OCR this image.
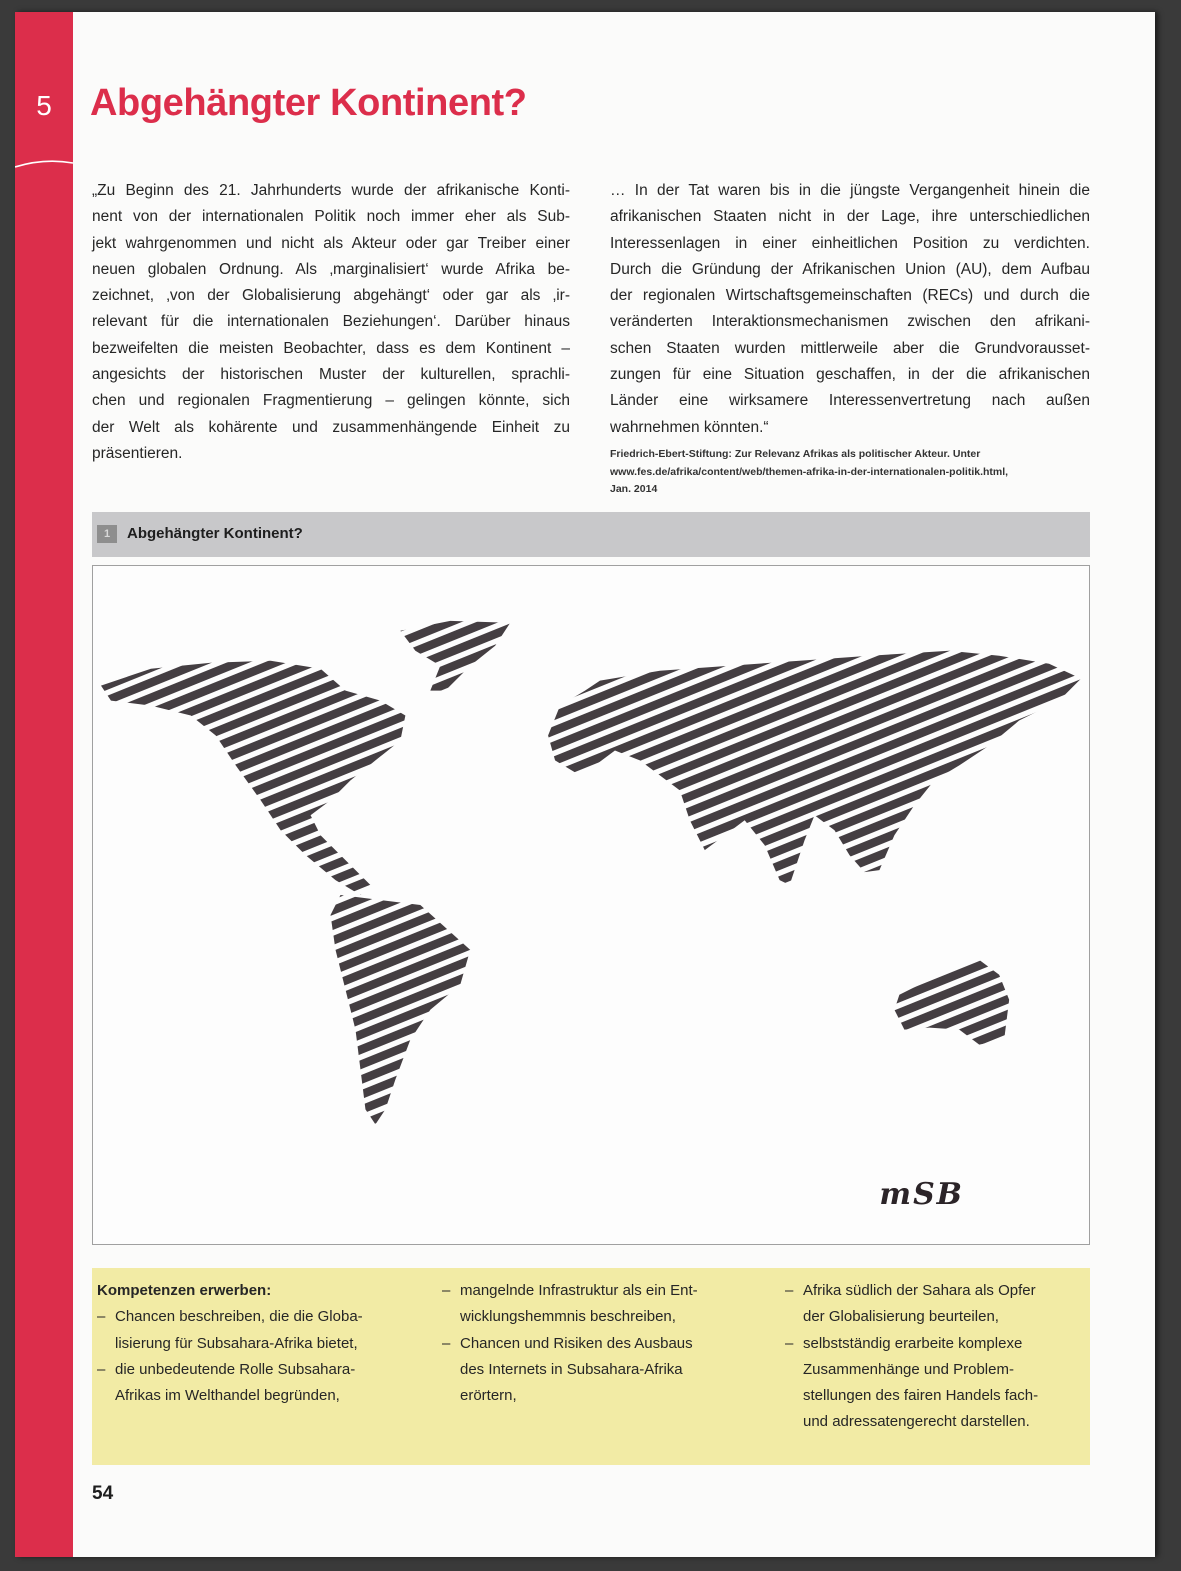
5	Abgehängter Kontinent?
„Zu Beginn des 21. Jahrhunderts wurde der afrikanische Konti-
nent von der internationalen Politik noch immer eher als Sub-
jekt wahrgenommen und nicht als Akteur oder gar Treiber einer
neuen globalen Ordnung. Als ‚marginalisiert‘ wurde Afrika be-
zeichnet, ‚von der Globalisierung abgehängt‘ oder gar als ‚ir-
relevant für die internationalen Beziehungen‘. Darüber hinaus
bezweifelten die meisten Beobachter, dass es dem Kontinent –
angesichts der historischen Muster der kulturellen, sprachli-
chen und regionalen Fragmentierung – gelingen könnte, sich
der Welt als kohärente und zusammenhängende Einheit zu
präsentieren.
… In der Tat waren bis in die jüngste Vergangenheit hinein die
afrikanischen Staaten nicht in der Lage, ihre unterschiedlichen
Interessenlagen in einer einheitlichen Position zu verdichten.
Durch die Gründung der Afrikanischen Union (AU), dem Aufbau
der regionalen Wirtschaftsgemeinschaften (RECs) und durch die
veränderten Interaktionsmechanismen zwischen den afrikani-
schen Staaten wurden mittlerweile aber die Grundvorausset-
zungen für eine Situation geschaffen, in der die afrikanischen
Länder eine wirksamere Interessenvertretung nach außen
wahrnehmen könnten.“
Friedrich-Ebert-Stiftung: Zur Relevanz Afrikas als politischer Akteur. Unter
www.fes.de/afrika/content/web/themen-afrika-in-der-internationalen-politik.html,
Jan. 2014
1	Abgehängter Kontinent?
mSB
Kompetenzen erwerben:
– Chancen beschreiben, die die Globa-
lisierung für Subsahara-Afrika bietet,
– die unbedeutende Rolle Subsahara-
Afrikas im Welthandel begründen,
– mangelnde Infrastruktur als ein Ent-
wicklungshemmnis beschreiben,
– Chancen und Risiken des Ausbaus
des Internets in Subsahara-Afrika
erörtern,
– Afrika südlich der Sahara als Opfer
der Globalisierung beurteilen,
– selbstständig erarbeite komplexe
Zusammenhänge und Problem-
stellungen des fairen Handels fach-
und adressatengerecht darstellen.
54
